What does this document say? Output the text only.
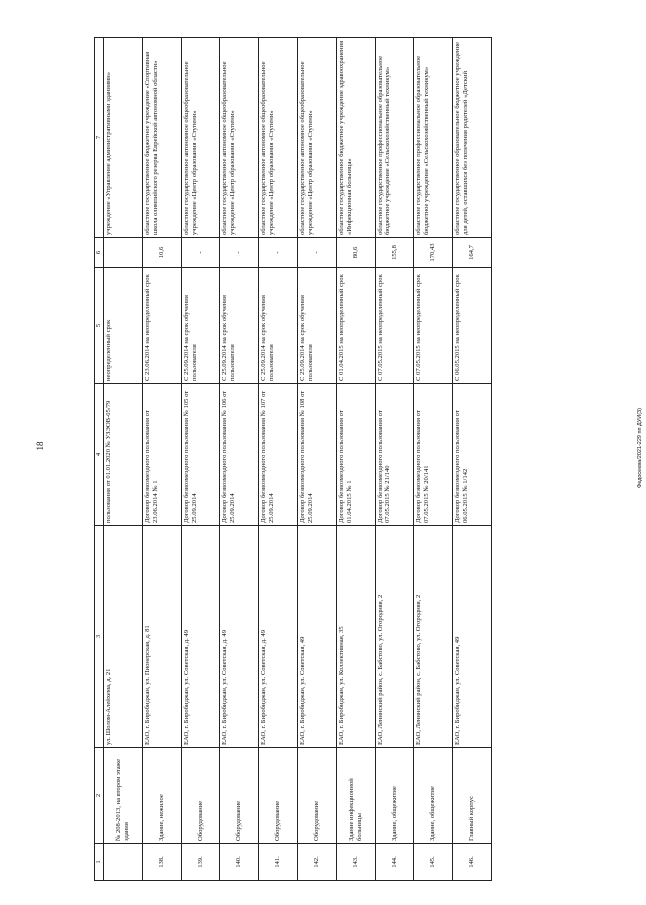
18
1	2	3	4	5	6	7
	№ 208-2013, на втором этаже здания	ул. Шолом-Алейхема, д. 21	пользования от 01.01.2020 № УЗЭОВ-05/79	неопределенный срок		учреждение «Управление административными зданиями»
138.	Здание, нежилое	ЕАО, г. Биробиджан, ул. Пионерская, д. 81	Договор безвозмездного пользования от 23.06.2014 № 1	С 23.06.2014 на неопределенный срок	10,6	областное государственное бюджетное учреждение «Спортивная школа олимпийского резерва Еврейской автономной области»
139.	Оборудование	ЕАО, г. Биробиджан, ул. Советская, д. 49	Договор безвозмездного пользования № 105 от 25.09.2014	С 25.09.2014 на срок обучения пользователя	-	областное государственное автономное общеобразовательное учреждение «Центр образования «Ступени»
140.	Оборудование	ЕАО, г. Биробиджан, ул. Советская, д. 49	Договор безвозмездного пользования № 106 от 25.09.2014	С 25.09.2014 на срок обучения пользователя	-	областное государственное автономное общеобразовательное учреждение «Центр образования «Ступени»
141.	Оборудование	ЕАО, г. Биробиджан, ул. Советская, д. 49	Договор безвозмездного пользования № 107 от 25.09.2014	С 25.09.2014 на срок обучения пользователя	-	областное государственное автономное общеобразовательное учреждение «Центр образования «Ступени»
142.	Оборудование	ЕАО, г. Биробиджан, ул. Советская, 49	Договор безвозмездного пользования № 108 от 25.09.2014	С 25.09.2014 на срок обучения пользователя	-	областное государственное автономное общеобразовательное учреждение «Центр образования «Ступени»
143.	Здание инфекционной больницы	ЕАО, г. Биробиджан, ул. Коллективная, 35	Договор безвозмездного пользования от 01.04.2015 № 1	С 01.04.2015 на неопределенный срок	80,6	областное государственное бюджетное учреждение здравоохранения «Инфекционная больница»
144.	Здание, общежитие	ЕАО, Ленинский район, с. Бабстово, ул. Огородняя, 2	Договор безвозмездного пользования от 07.05.2015 № 21/140	С 07.05.2015 на неопределенный срок	155,8	областное государственное профессиональное образовательное бюджетное учреждение «Сельскохозяйственный техникум»
145.	Здание, общежитие	ЕАО, Ленинский район, с. Бабстово, ул. Огородняя, 2	Договор безвозмездного пользования от 07.05.2015 № 20/141	С 07.05.2015 на неопределенный срок	170,43	областное государственное профессиональное образовательное бюджетное учреждение «Сельскохозяйственный техникум»
146.	Главный корпус	ЕАО, г. Биробиджан, ул. Советская, 49	Договор безвозмездного пользования от 06.05.2015 № 1/142	С 06.05.2015 на неопределенный срок	164,7	областное государственное образовательное бюджетное учреждение для детей, оставшихся без попечения родителей «Детский
Федосеева/2021-229 пп ДУИ(3)
